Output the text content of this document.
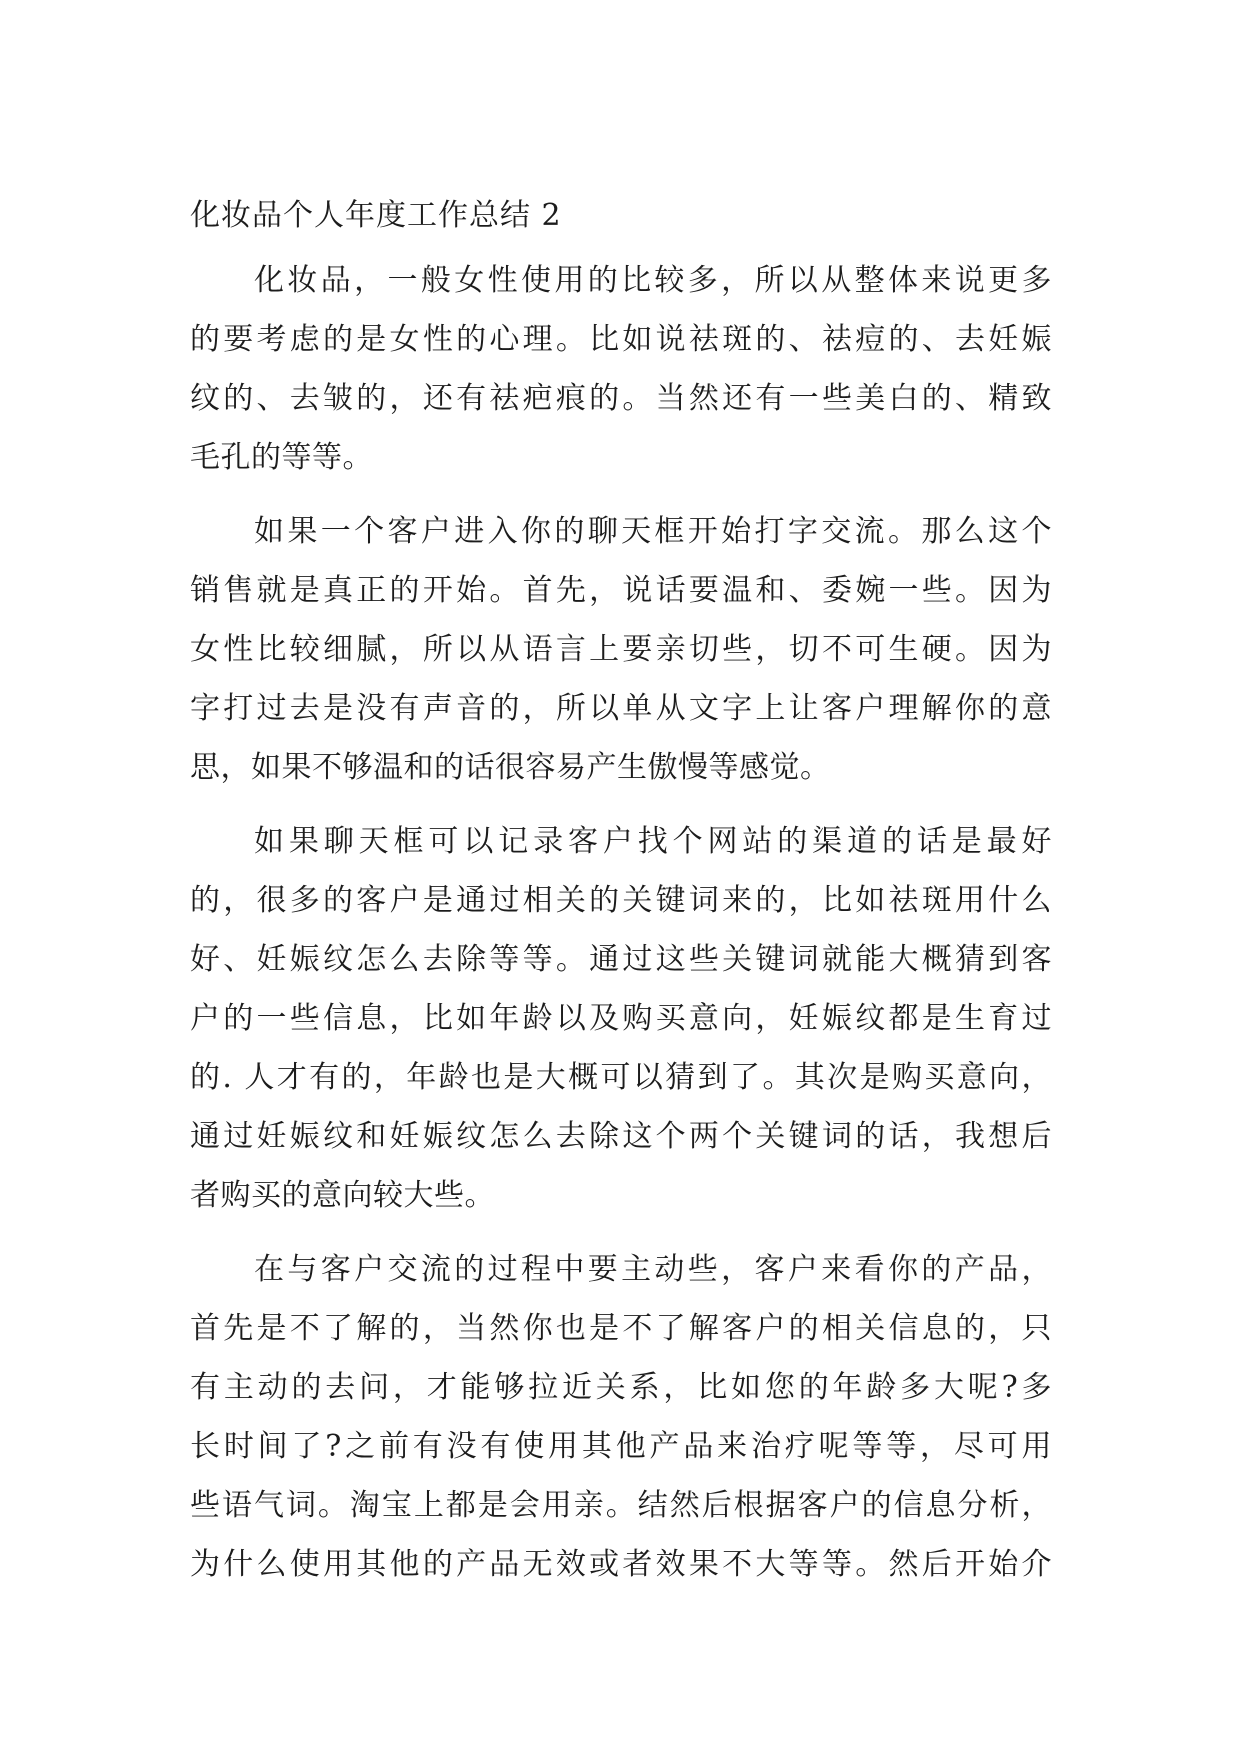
化妆品个人年度工作总结 2
化妆品，一般女性使用的比较多，所以从整体来说更多
的要考虑的是女性的心理。比如说祛斑的、祛痘的、去妊娠
纹的、去皱的，还有祛疤痕的。当然还有一些美白的、精致
毛孔的等等。
如果一个客户进入你的聊天框开始打字交流。那么这个
销售就是真正的开始。首先，说话要温和、委婉一些。因为
女性比较细腻，所以从语言上要亲切些，切不可生硬。因为
字打过去是没有声音的，所以单从文字上让客户理解你的意
思，如果不够温和的话很容易产生傲慢等感觉。
如果聊天框可以记录客户找个网站的渠道的话是最好
的，很多的客户是通过相关的关键词来的，比如祛斑用什么
好、妊娠纹怎么去除等等。通过这些关键词就能大概猜到客
户的一些信息，比如年龄以及购买意向，妊娠纹都是生育过
的. 人才有的，年龄也是大概可以猜到了。其次是购买意向，
通过妊娠纹和妊娠纹怎么去除这个两个关键词的话，我想后
者购买的意向较大些。
在与客户交流的过程中要主动些，客户来看你的产品，
首先是不了解的，当然你也是不了解客户的相关信息的，只
有主动的去问，才能够拉近关系，比如您的年龄多大呢?多
长时间了?之前有没有使用其他产品来治疗呢等等，尽可用
些语气词。淘宝上都是会用亲。结然后根据客户的信息分析，
为什么使用其他的产品无效或者效果不大等等。然后开始介
